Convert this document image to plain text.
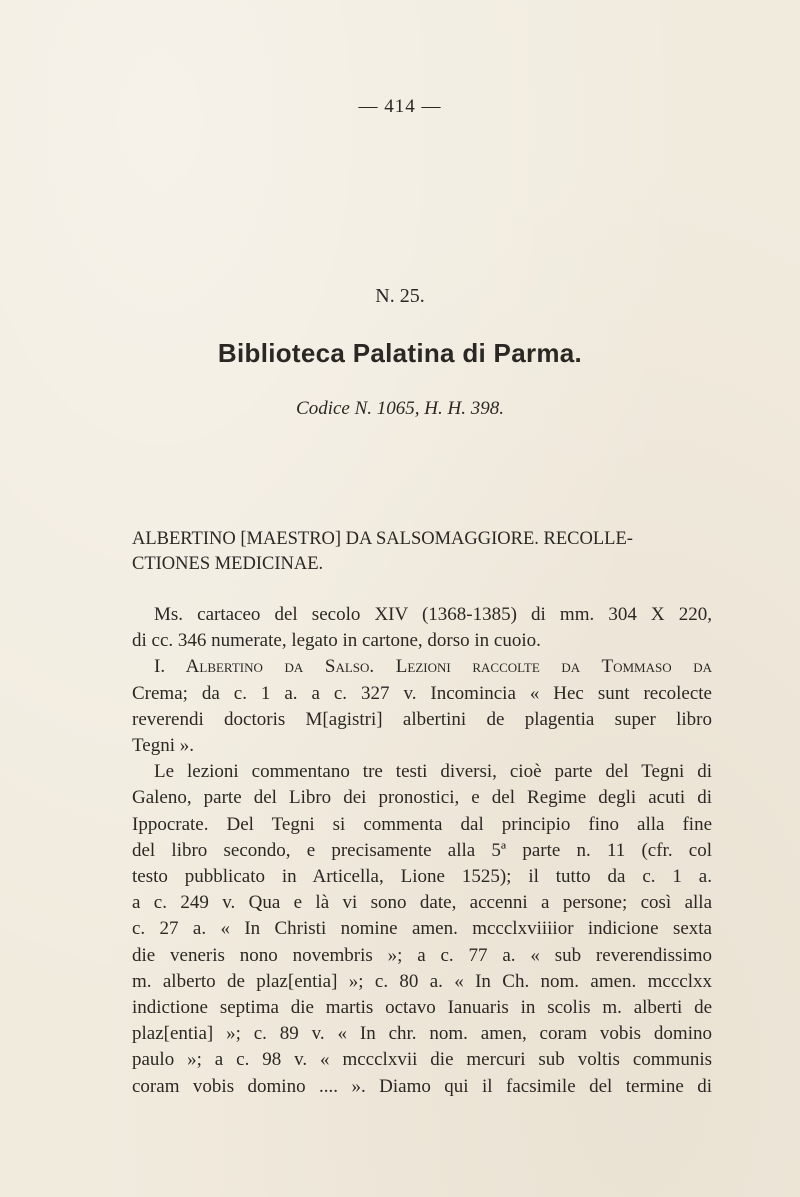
— 414 —
N. 25.
Biblioteca Palatina di Parma.
Codice N. 1065, H. H. 398.
ALBERTINO [MAESTRO] DA SALSOMAGGIORE. RECOLLE-
CTIONES MEDICINAE.
Ms. cartaceo del secolo XIV (1368-1385) di mm. 304 X 220,
di cc. 346 numerate, legato in cartone, dorso in cuoio.
I. Albertino da Salso. Lezioni raccolte da Tommaso da
Crema; da c. 1 a. a c. 327 v. Incomincia « Hec sunt recolecte
reverendi doctoris M[agistri] albertini de plagentia super libro
Tegni ».
Le lezioni commentano tre testi diversi, cioè parte del Tegni di
Galeno, parte del Libro dei pronostici, e del Regime degli acuti di
Ippocrate. Del Tegni si commenta dal principio fino alla fine
del libro secondo, e precisamente alla 5ª parte n. 11 (cfr. col
testo pubblicato in Articella, Lione 1525); il tutto da c. 1 a.
a c. 249 v. Qua e là vi sono date, accenni a persone; così alla
c. 27 a. « In Christi nomine amen. mccclxviiiior indicione sexta
die veneris nono novembris »; a c. 77 a. « sub reverendissimo
m. alberto de plaz[entia] »; c. 80 a. « In Ch. nom. amen. mccclxx
indictione septima die martis octavo Ianuaris in scolis m. alberti de
plaz[entia] »; c. 89 v. « In chr. nom. amen, coram vobis domino
paulo »; a c. 98 v. « mccclxvii die mercuri sub voltis communis
coram vobis domino .... ». Diamo qui il facsimile del termine di
